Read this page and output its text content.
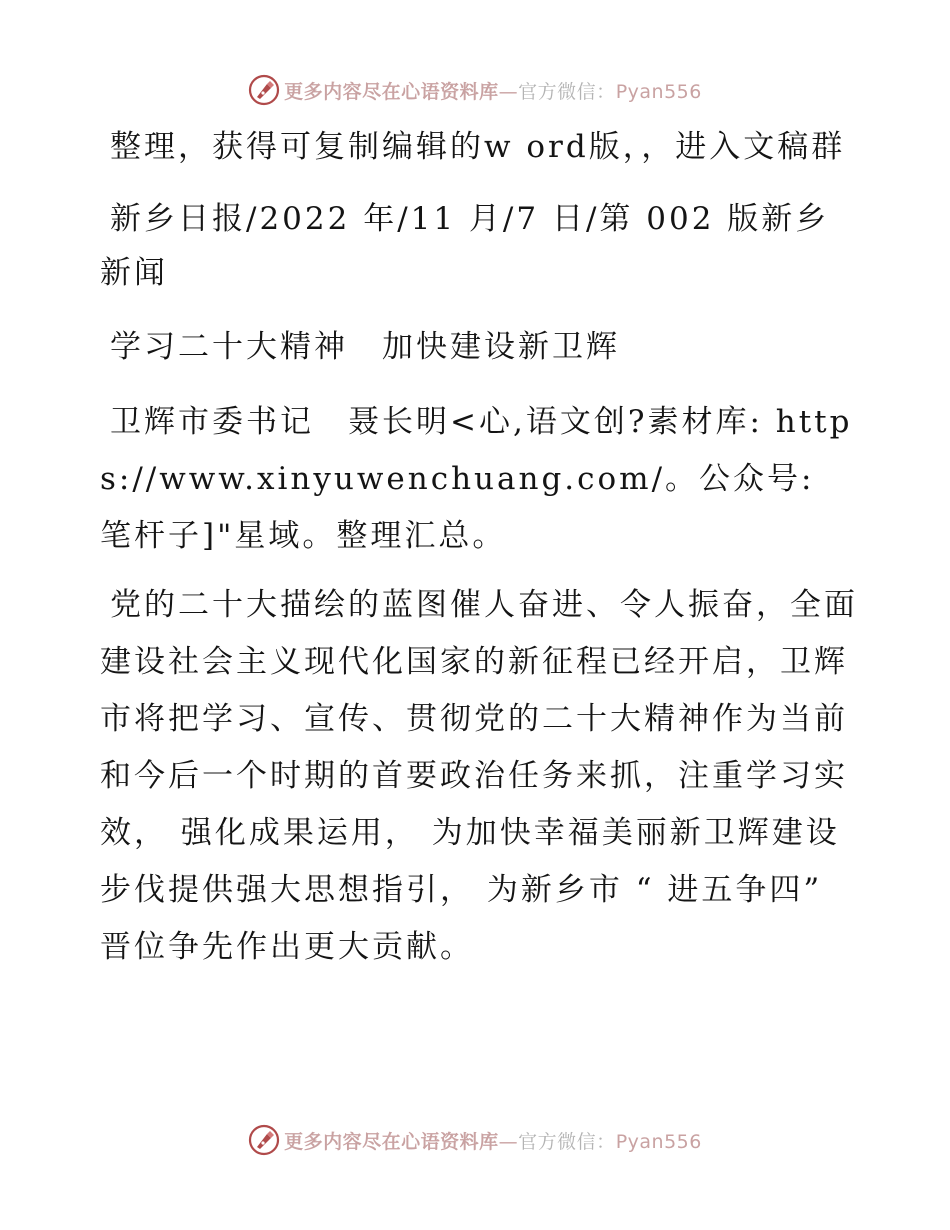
更多内容尽在心语资料库—官方微信：Pyan556

整理，获得可复制编辑的w ord版，，进入文稿群

新乡日报/2022 年/11 月/7 日/第 002 版新乡新闻

学习二十大精神　加快建设新卫辉

卫辉市委书记　聂长明<心,语文创?素材库: https://www.xinyuwenchuang.com/。公众号: 笔杆子]"星域。整理汇总。

党的二十大描绘的蓝图催人奋进、令人振奋，全面建设社会主义现代化国家的新征程已经开启，卫辉市将把学习、宣传、贯彻党的二十大精神作为当前和今后一个时期的首要政治任务来抓，注重学习实效， 强化成果运用， 为加快幸福美丽新卫辉建设步伐提供强大思想指引， 为新乡市 “ 进五争四” 晋位争先作出更大贡献。

更多内容尽在心语资料库—官方微信：Pyan556
